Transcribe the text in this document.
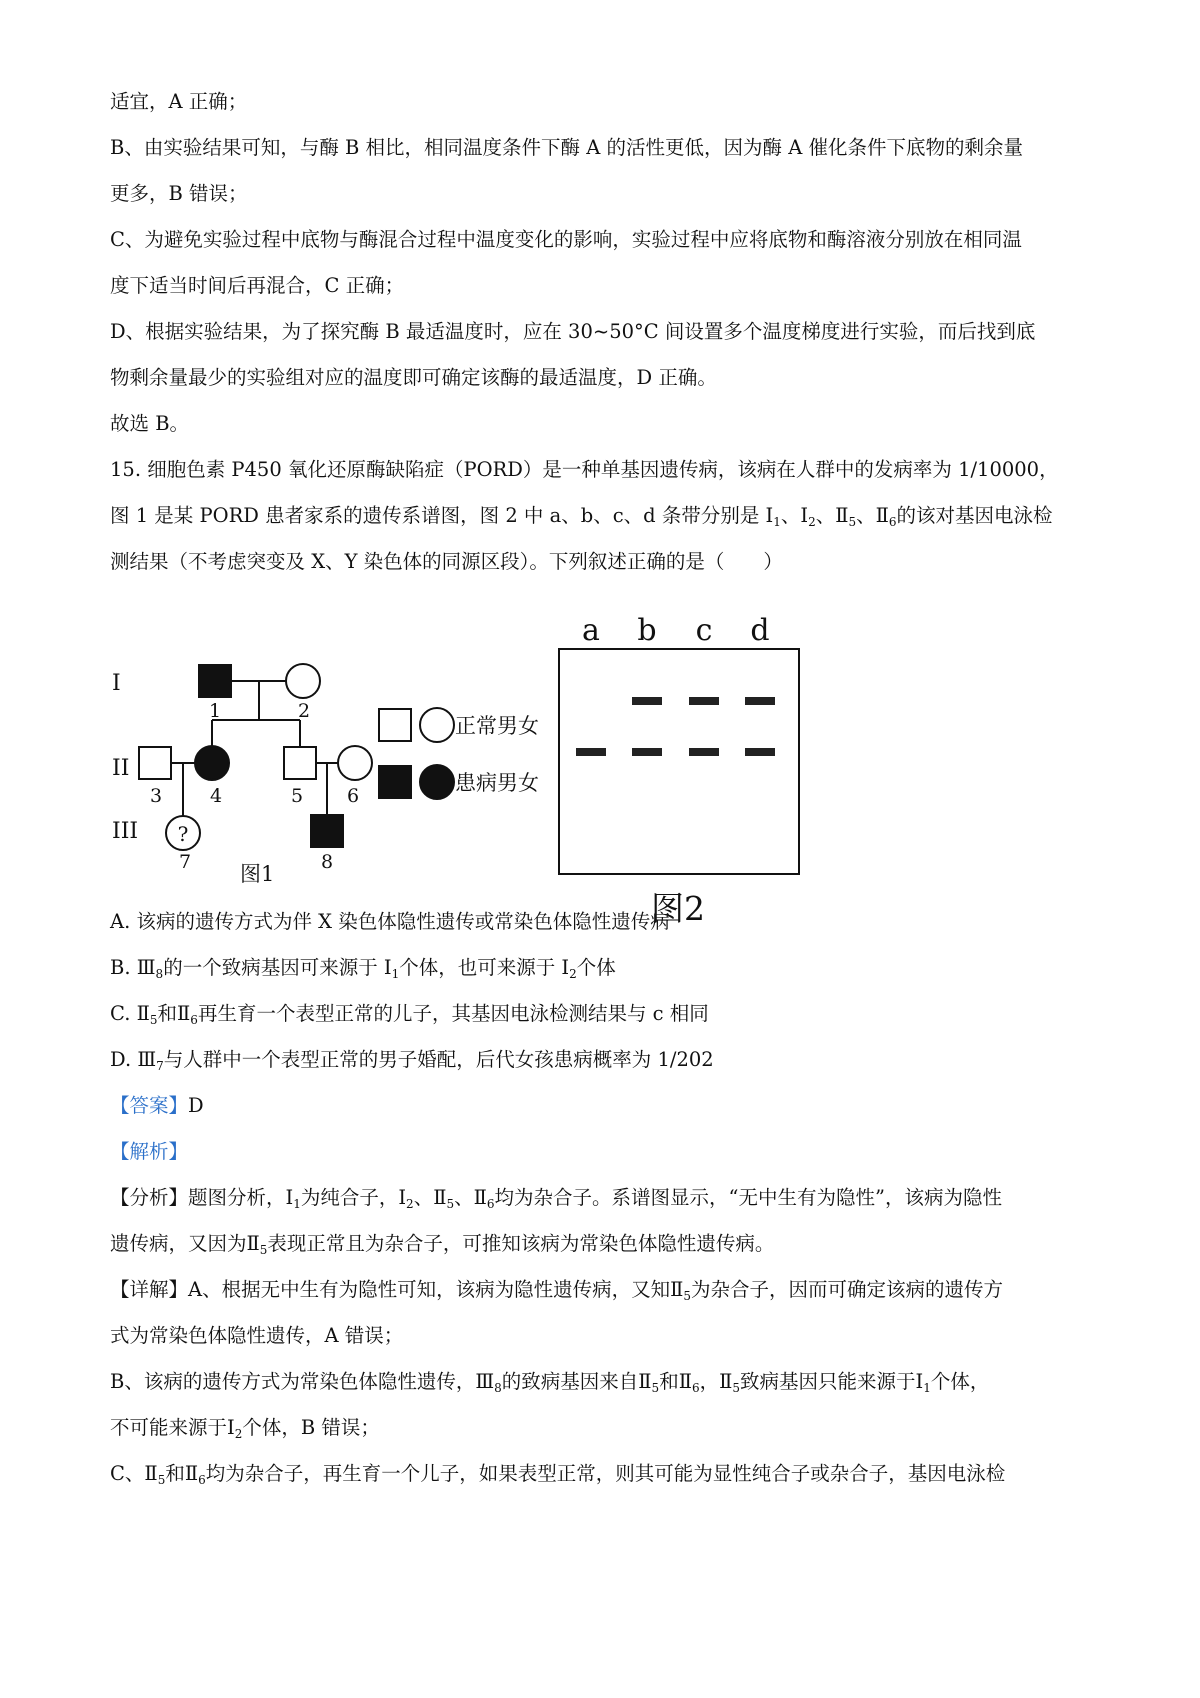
适宜，A 正确；
B、由实验结果可知，与酶 B 相比，相同温度条件下酶 A 的活性更低，因为酶 A 催化条件下底物的剩余量
更多，B 错误；
C、为避免实验过程中底物与酶混合过程中温度变化的影响，实验过程中应将底物和酶溶液分别放在相同温
度下适当时间后再混合，C 正确；
D、根据实验结果，为了探究酶 B 最适温度时，应在 30~50°C 间设置多个温度梯度进行实验，而后找到底
物剩余量最少的实验组对应的温度即可确定该酶的最适温度，D 正确。
故选 B。
15. 细胞色素 P450 氧化还原酶缺陷症（PORD）是一种单基因遗传病，该病在人群中的发病率为 1/10000，
图 1 是某 PORD 患者家系的遗传系谱图，图 2 中 a、b、c、d 条带分别是 $I_1$、$I_2$、$Ⅱ_5$、$Ⅱ_6$的该对基因电泳检
测结果（不考虑突变及 X、Y 染色体的同源区段）。下列叙述正确的是（　　）
A. 该病的遗传方式为伴 X 染色体隐性遗传或常染色体隐性遗传病
B. $Ⅲ_8$的一个致病基因可来源于 $I_1$个体，也可来源于 $I_2$个体
C. $Ⅱ_5$和$Ⅱ_6$再生育一个表型正常的儿子，其基因电泳检测结果与 c 相同
D. $Ⅲ_7$与人群中一个表型正常的男子婚配，后代女孩患病概率为 1/202
【答案】D
【解析】
【分析】题图分析，$I_1$为纯合子，$I_2$、$Ⅱ_5$、$Ⅱ_6$均为杂合子。系谱图显示，“无中生有为隐性”，该病为隐性
遗传病，又因为$Ⅱ_5$表现正常且为杂合子，可推知该病为常染色体隐性遗传病。
【详解】A、根据无中生有为隐性可知，该病为隐性遗传病，又知$Ⅱ_5$为杂合子，因而可确定该病的遗传方
式为常染色体隐性遗传，A 错误；
B、该病的遗传方式为常染色体隐性遗传，$Ⅲ_8$的致病基因来自$Ⅱ_5$和$Ⅱ_6$，$Ⅱ_5$致病基因只能来源于$Ⅰ_1$个体，
不可能来源于$Ⅰ_2$个体，B 错误；
C、$Ⅱ_5$和$Ⅱ_6$均为杂合子，再生育一个儿子，如果表型正常，则其可能为显性纯合子或杂合子，基因电泳检
I
II
III ?
1	2
3	4	5 6
7	8
图1
正常男女
患病男女
a b c d
图2
